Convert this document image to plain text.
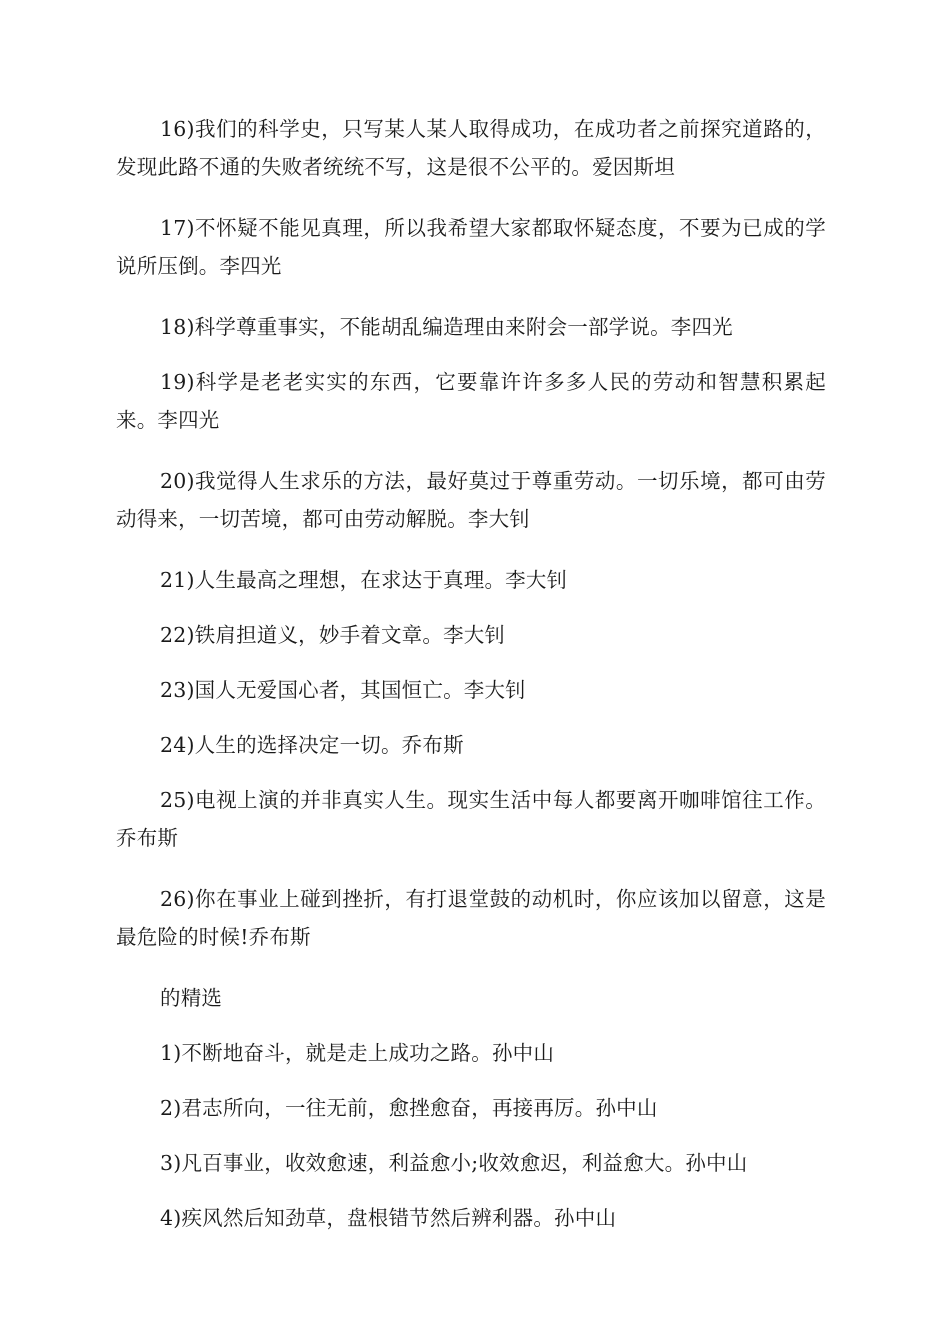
16)我们的科学史，只写某人某人取得成功，在成功者之前探究道路的，发现此路不通的失败者统统不写，这是很不公平的。爱因斯坦

17)不怀疑不能见真理，所以我希望大家都取怀疑态度，不要为已成的学说所压倒。李四光

18)科学尊重事实，不能胡乱编造理由来附会一部学说。李四光

19)科学是老老实实的东西，它要靠许许多多人民的劳动和智慧积累起来。李四光

20)我觉得人生求乐的方法，最好莫过于尊重劳动。一切乐境，都可由劳动得来，一切苦境，都可由劳动解脱。李大钊

21)人生最高之理想，在求达于真理。李大钊

22)铁肩担道义，妙手着文章。李大钊

23)国人无爱国心者，其国恒亡。李大钊

24)人生的选择决定一切。乔布斯

25)电视上演的并非真实人生。现实生活中每人都要离开咖啡馆往工作。乔布斯

26)你在事业上碰到挫折，有打退堂鼓的动机时，你应该加以留意，这是最危险的时候!乔布斯

的精选

1)不断地奋斗，就是走上成功之路。孙中山

2)君志所向，一往无前，愈挫愈奋，再接再厉。孙中山

3)凡百事业，收效愈速，利益愈小;收效愈迟，利益愈大。孙中山

4)疾风然后知劲草，盘根错节然后辨利器。孙中山
